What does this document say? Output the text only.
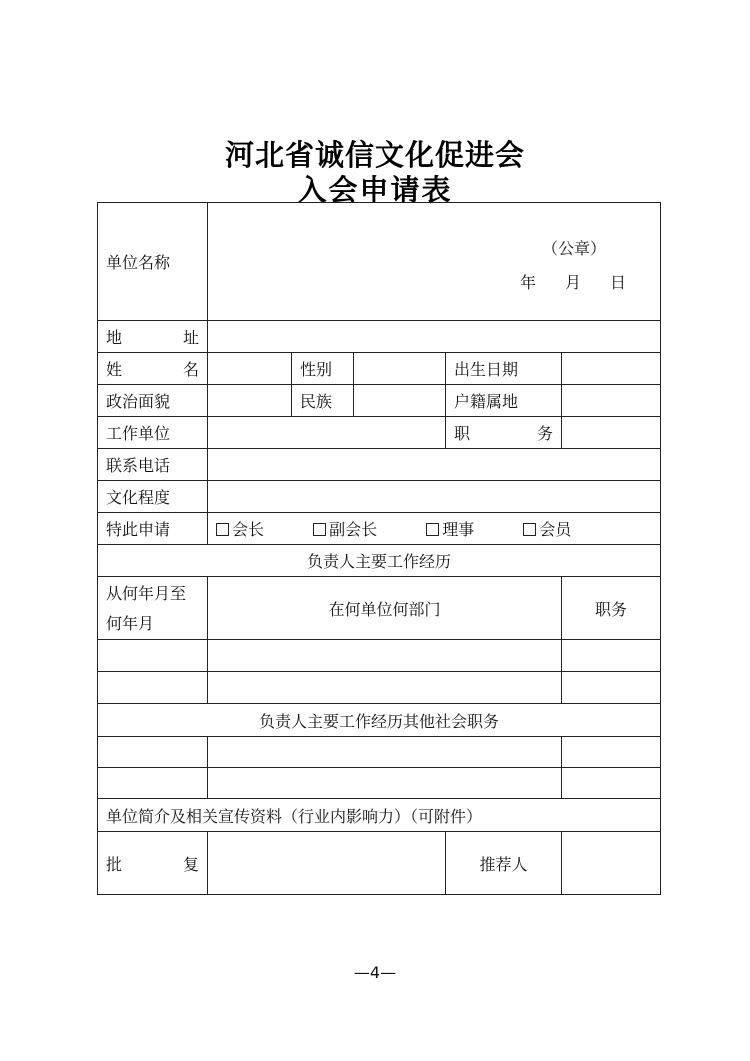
河北省诚信文化促进会
入会申请表
单位名称	（公章）
年 月 日				

地　　址					
姓　　名		性别		出生日期	
政治面貌		民族		户籍属地	
工作单位				职　　务	
联系电话					
文化程度					
特此申请	会长 副会长 理事 会员				
负责人主要工作经历					
从何年月至何年月	在何单位何部门				职务

负责人主要工作经历其他社会职务					

单位简介及相关宣传资料（行业内影响力）（可附件）					
批　　复				推荐人	
—4—
